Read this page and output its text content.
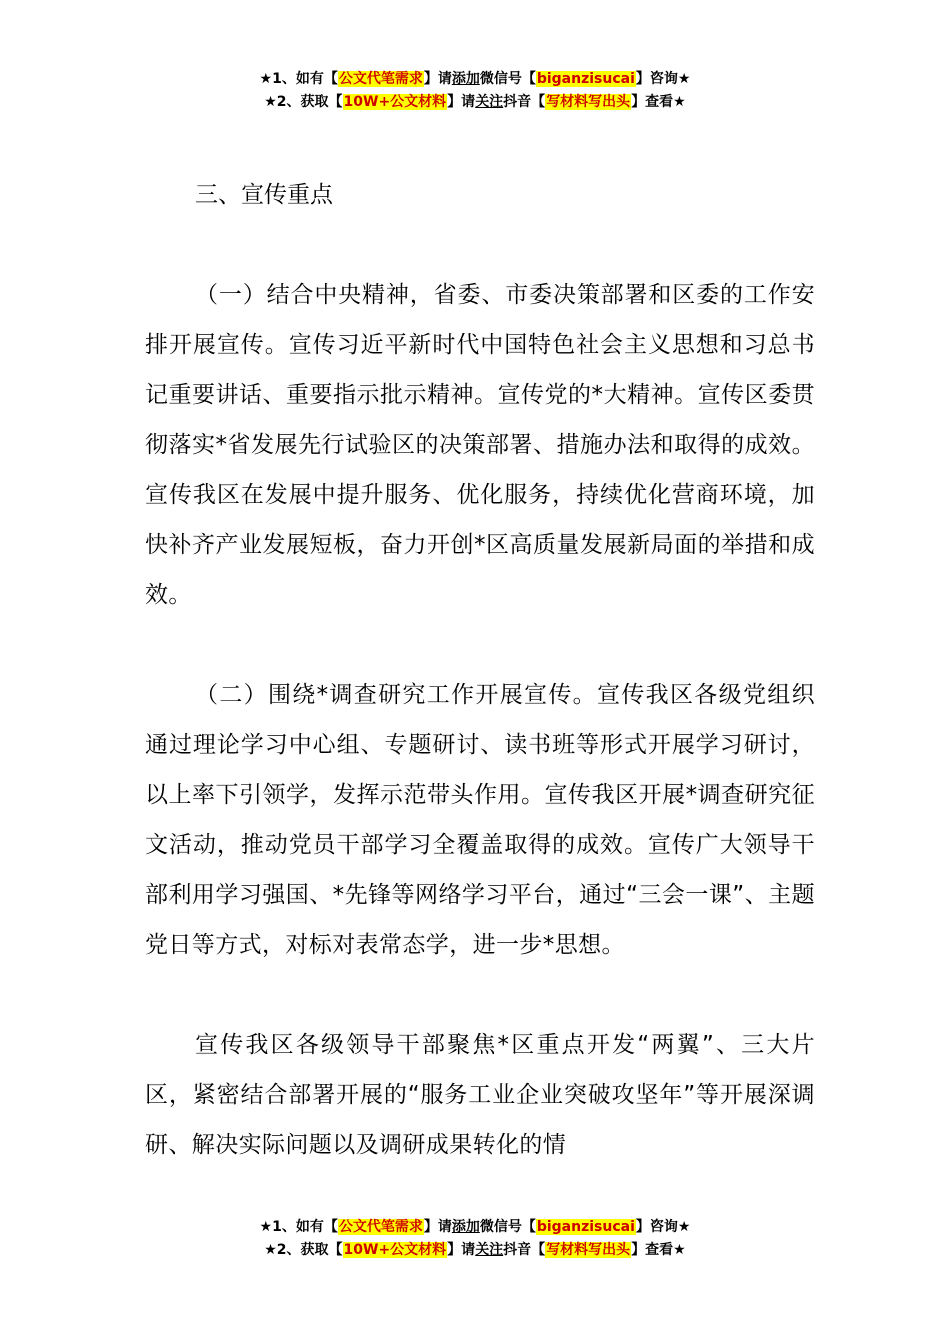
★1、如有【公文代笔需求】请添加微信号【biganzisucai】咨询★
★2、获取【10W+公文材料】请关注抖音【写材料写出头】查看★
三、宣传重点

（一）结合中央精神，省委、市委决策部署和区委的工作安排开展宣传。宣传习近平新时代中国特色社会主义思想和习总书记重要讲话、重要指示批示精神。宣传党的*大精神。宣传区委贯彻落实*省发展先行试验区的决策部署、措施办法和取得的成效。宣传我区在发展中提升服务、优化服务，持续优化营商环境，加快补齐产业发展短板，奋力开创*区高质量发展新局面的举措和成效。

（二）围绕*调查研究工作开展宣传。宣传我区各级党组织通过理论学习中心组、专题研讨、读书班等形式开展学习研讨，以上率下引领学，发挥示范带头作用。宣传我区开展*调查研究征文活动，推动党员干部学习全覆盖取得的成效。宣传广大领导干部利用学习强国、*先锋等网络学习平台，通过“三会一课”、主题党日等方式，对标对表常态学，进一步*思想。

宣传我区各级领导干部聚焦*区重点开发“两翼”、三大片区，紧密结合部署开展的“服务工业企业突破攻坚年”等开展深调研、解决实际问题以及调研成果转化的情

★1、如有【公文代笔需求】请添加微信号【biganzisucai】咨询★
★2、获取【10W+公文材料】请关注抖音【写材料写出头】查看★
